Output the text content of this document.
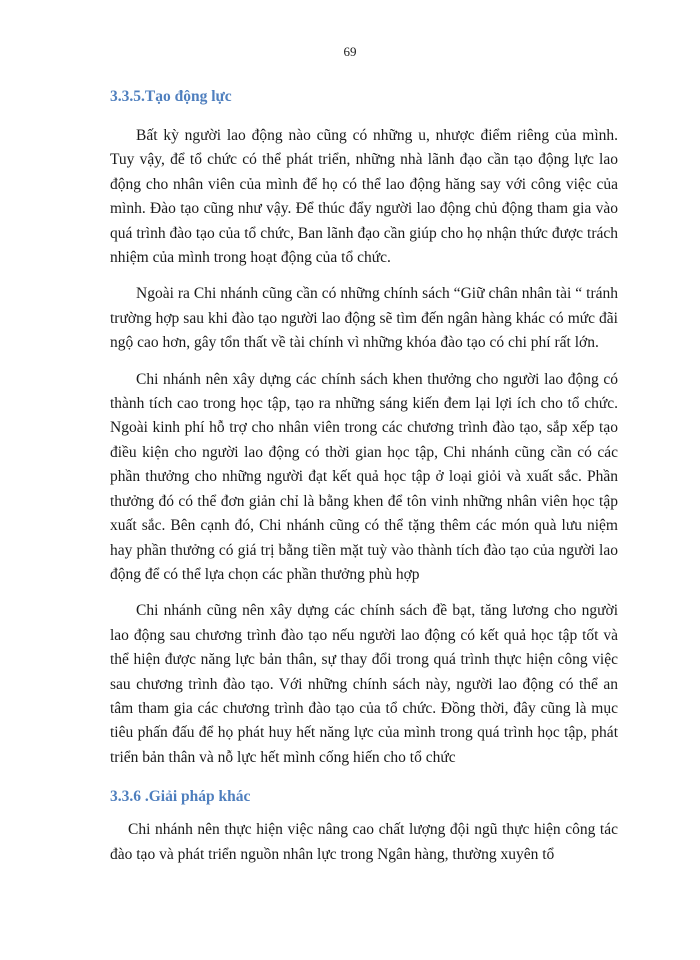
69
3.3.5.Tạo động lực

Bất kỳ người lao động nào cũng có những u, nhược điểm riêng của mình. Tuy vậy, để tổ chức có thể phát triển, những nhà lãnh đạo cần tạo động lực lao động cho nhân viên của mình để họ có thể lao động hăng say với công việc của mình. Đào tạo cũng như vậy. Để thúc đẩy người lao động chủ động tham gia vào quá trình đào tạo của tổ chức, Ban lãnh đạo cần giúp cho họ nhận thức được trách nhiệm của mình trong hoạt động của tổ chức.

Ngoài ra Chi nhánh cũng cần có những chính sách “Giữ chân nhân tài “ tránh trường hợp sau khi đào tạo người lao động sẽ tìm đến ngân hàng khác có mức đãi ngộ cao hơn, gây tổn thất về tài chính vì những khóa đào tạo có chi phí rất lớn.

Chi nhánh nên xây dựng các chính sách khen thưởng cho người lao động có thành tích cao trong học tập, tạo ra những sáng kiến đem lại lợi ích cho tổ chức. Ngoài kinh phí hỗ trợ cho nhân viên trong các chương trình đào tạo, sắp xếp tạo điều kiện cho người lao động có thời gian học tập, Chi nhánh cũng cần có các phần thưởng cho những người đạt kết quả học tập ở loại giỏi và xuất sắc. Phần thưởng đó có thể đơn giản chỉ là bằng khen để tôn vinh những nhân viên học tập xuất sắc. Bên cạnh đó, Chi nhánh cũng có thể tặng thêm các món quà lưu niệm hay phần thưởng có giá trị bằng tiền mặt tuỳ vào thành tích đào tạo của người lao động để có thể lựa chọn các phần thưởng phù hợp

Chi nhánh cũng nên xây dựng các chính sách đề bạt, tăng lương cho người lao động sau chương trình đào tạo nếu người lao động có kết quả học tập tốt và thể hiện được năng lực bản thân, sự thay đổi trong quá trình thực hiện công việc sau chương trình đào tạo. Với những chính sách này, người lao động có thể an tâm tham gia các chương trình đào tạo của tổ chức. Đồng thời, đây cũng là mục tiêu phấn đấu để họ phát huy hết năng lực của mình trong quá trình học tập, phát triển bản thân và nỗ lực hết mình cống hiến cho tổ chức

3.3.6 .Giải pháp khác

Chi nhánh nên thực hiện việc nâng cao chất lượng đội ngũ thực hiện công tác đào tạo và phát triển nguồn nhân lực trong Ngân hàng, thường xuyên tổ
